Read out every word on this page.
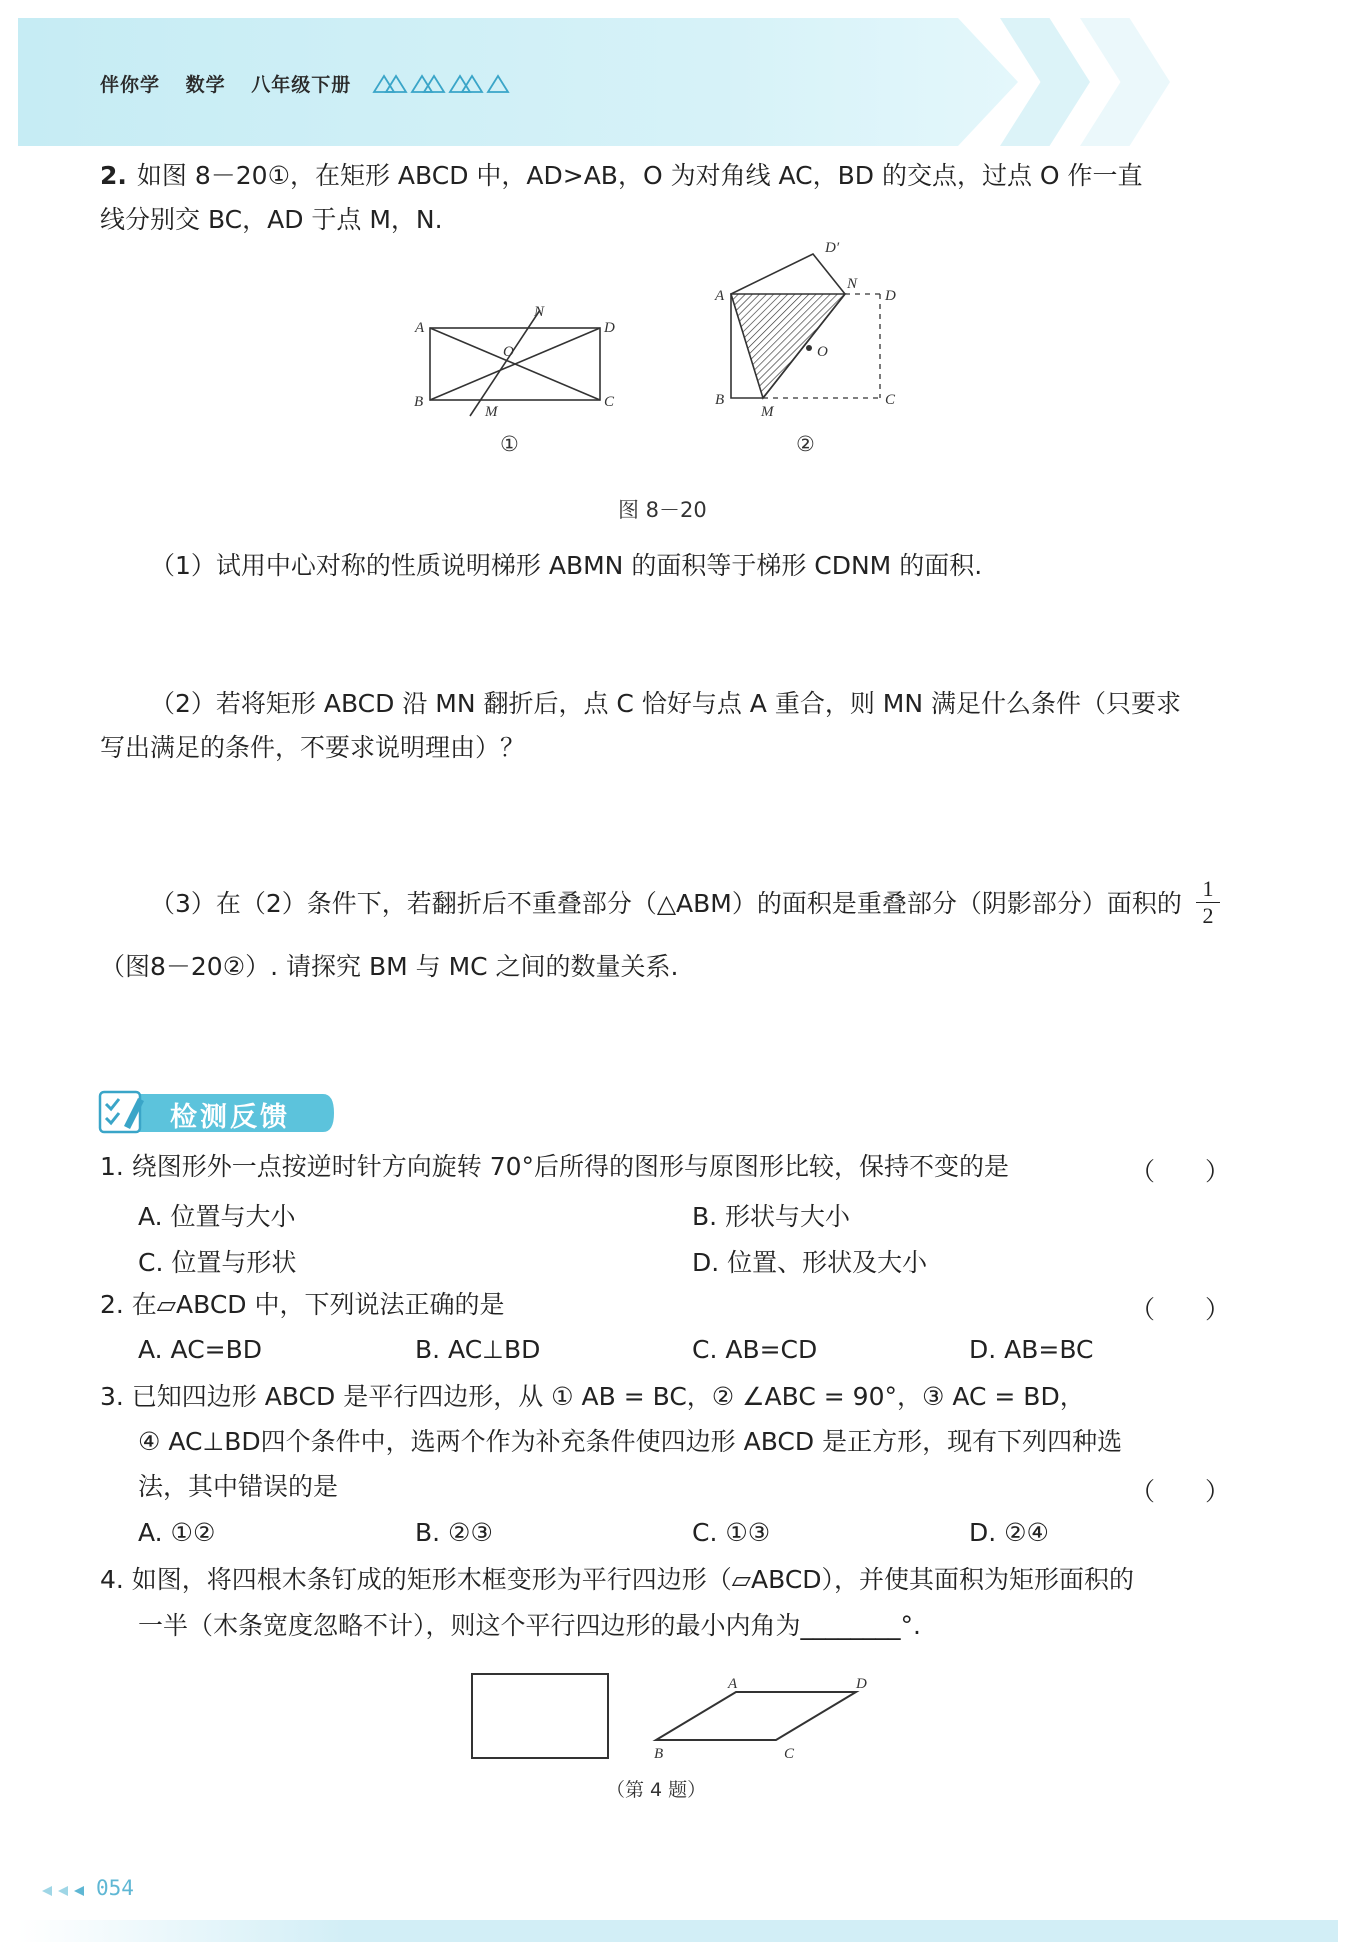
伴你学 数学 八年级下册
2. 如图 8－20①，在矩形 ABCD 中，AD>AB，O 为对角线 AC，BD 的交点，过点 O 作一直
线分别交 BC，AD 于点 M，N.
A
B	C
D
N
M
O
①
A
B	C
D
D′
N
M
O
②
图 8－20
（1）试用中心对称的性质说明梯形 ABMN 的面积等于梯形 CDNM 的面积.
（2）若将矩形 ABCD 沿 MN 翻折后，点 C 恰好与点 A 重合，则 MN 满足什么条件（只要求
写出满足的条件，不要求说明理由）？
（3）在（2）条件下，若翻折后不重叠部分（△ABM）的面积是重叠部分（阴影部分）面积的 $\frac{1}{2}$
（图8－20②）. 请探究 BM 与 MC 之间的数量关系.
检测反馈
1. 绕图形外一点按逆时针方向旋转 70°后所得的图形与原图形比较，保持不变的是	（　　）
A. 位置与大小	B. 形状与大小
C. 位置与形状	D. 位置、形状及大小
2. 在▱ABCD 中，下列说法正确的是	（　　）
A. AC=BD	B. AC⊥BD	C. AB=CD	D. AB=BC
3. 已知四边形 ABCD 是平行四边形，从 ① AB = BC，② ∠ABC = 90°，③ AC = BD，
④ AC⊥BD四个条件中，选两个作为补充条件使四边形 ABCD 是正方形，现有下列四种选
法，其中错误的是	（　　）
A. ①②	B. ②③	C. ①③	D. ②④
4. 如图，将四根木条钉成的矩形木框变形为平行四边形（▱ABCD），并使其面积为矩形面积的
一半（木条宽度忽略不计），则这个平行四边形的最小内角为________°.
A
B	C
D
（第 4 题）
054
